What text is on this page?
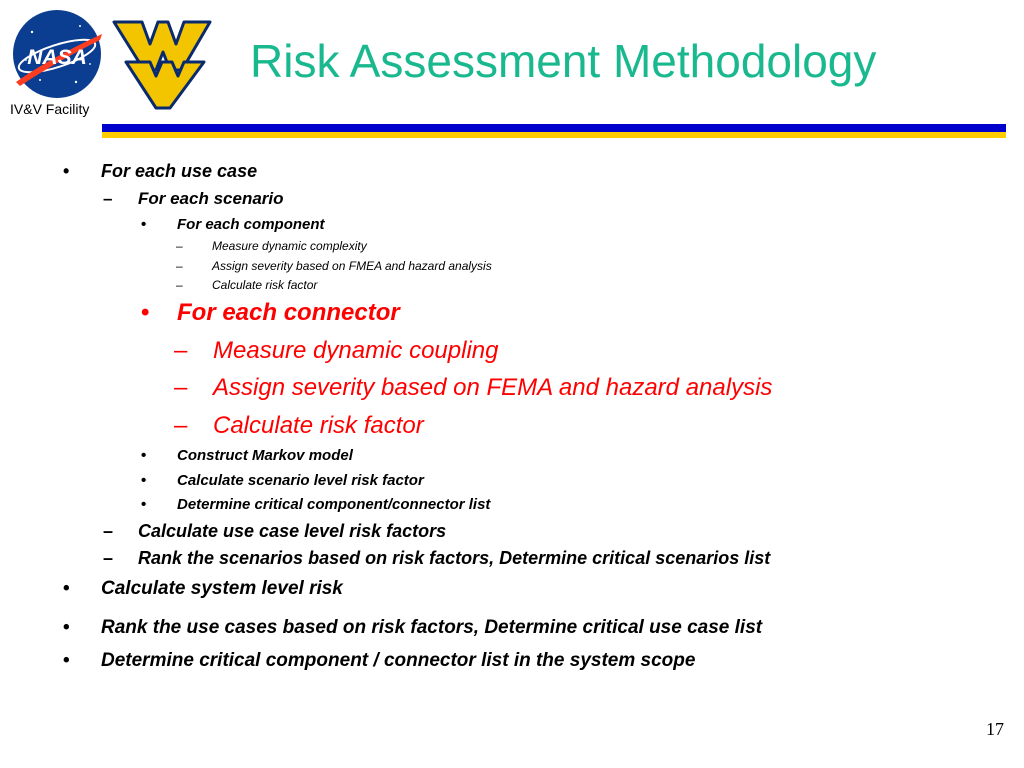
NASA
IV&V Facility
Risk Assessment Methodology
• For each use case
– For each scenario
• For each component
– Measure dynamic complexity
– Assign severity based on FMEA and hazard analysis
– Calculate risk factor
• For each connector
– Measure dynamic coupling
– Assign severity based on FEMA and hazard analysis
– Calculate risk factor
• Construct Markov model
• Calculate scenario level risk factor
• Determine critical component/connector list
– Calculate use case level risk factors
– Rank the scenarios based on risk factors, Determine critical scenarios list
• Calculate system level risk
• Rank the use cases based on risk factors, Determine critical use case list
• Determine critical component / connector list in the system scope
17
